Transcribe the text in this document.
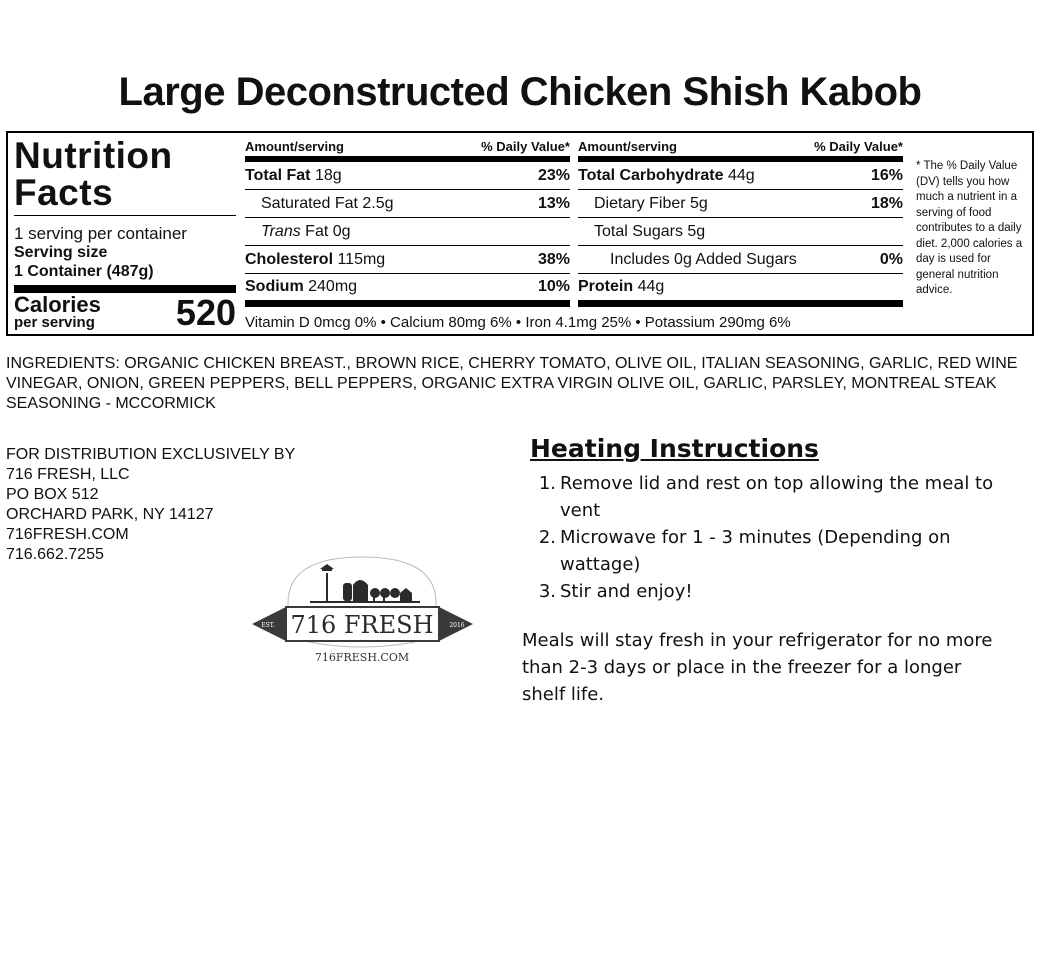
Large Deconstructed Chicken Shish Kabob
Nutrition
Facts
1 serving per container
Serving size
1 Container (487g)
Calories
per serving 520
Amount/serving	% Daily Value*
Total Fat 18g	23%
Saturated Fat 2.5g	13%
Trans Fat 0g
Cholesterol 115mg	38%
Sodium 240mg	10%
Amount/serving	% Daily Value*
Total Carbohydrate 44g	16%
Dietary Fiber 5g	18%
Total Sugars 5g
Includes 0g Added Sugars	0%
Protein 44g
Vitamin D 0mcg 0% • Calcium 80mg 6% • Iron 4.1mg 25% • Potassium 290mg 6%
* The % Daily Value (DV) tells you how much a nutrient in a serving of food contributes to a daily diet. 2,000 calories a day is used for general nutrition advice.
INGREDIENTS: ORGANIC CHICKEN BREAST., BROWN RICE, CHERRY TOMATO, OLIVE OIL, ITALIAN SEASONING, GARLIC, RED WINE VINEGAR, ONION, GREEN PEPPERS, BELL PEPPERS, ORGANIC EXTRA VIRGIN OLIVE OIL, GARLIC, PARSLEY, MONTREAL STEAK SEASONING - MCCORMICK
FOR DISTRIBUTION EXCLUSIVELY BY
716 FRESH, LLC
PO BOX 512
ORCHARD PARK, NY 14127
716FRESH.COM
716.662.7255
EST.	2016
716 FRESH
716FRESH.COM
Heating Instructions
1. Remove lid and rest on top allowing the meal to vent
2. Microwave for 1 - 3 minutes (Depending on wattage)
3. Stir and enjoy!
Meals will stay fresh in your refrigerator for no more than 2-3 days or place in the freezer for a longer shelf life.
